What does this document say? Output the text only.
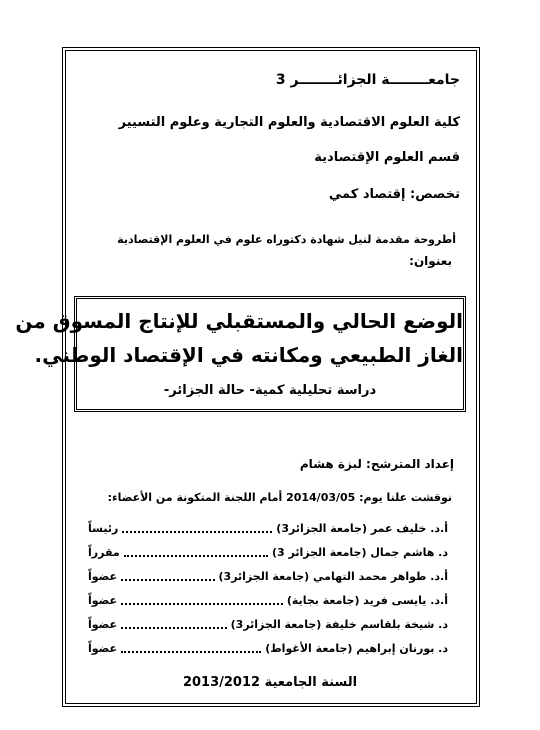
جامعــــــــة الجزائــــــــر 3
كلية العلوم الاقتصادية والعلوم التجارية وعلوم التسيير
قسم العلوم الإقتصادية
تخصص: إقتصاد كمي
أطروحة مقدمة لنيل شهادة دكتوراه علوم في العلوم الإقتصادية
بعنوان:
الوضع الحالي والمستقبلي للإنتاج المسوق من
الغاز الطبيعي ومكانته في الإقتصاد الوطني.
دراسة تحليلية كمية- حالة الجزائر-
إعداد المترشح: لبزة هشام
نوقشت علنا يوم: 2014/03/05 أمام اللجنة المتكونة من الأعضاء:
أ.د. خليف عمر (جامعة الجزائر3)
رئيساً
د. هاشم جمال (جامعة الجزائر 3)
مقرراً
أ.د. طواهر محمد التهامي (جامعة الجزائر3)
عضواً
أ.د. يايسى فريد (جامعة بجاية)
عضواً
د. شيخة بلقاسم خليفة (جامعة الجزائر3)
عضواً
د. بورنان إبراهيم (جامعة الأغواط)
عضواً
السنة الجامعية 2013/2012
